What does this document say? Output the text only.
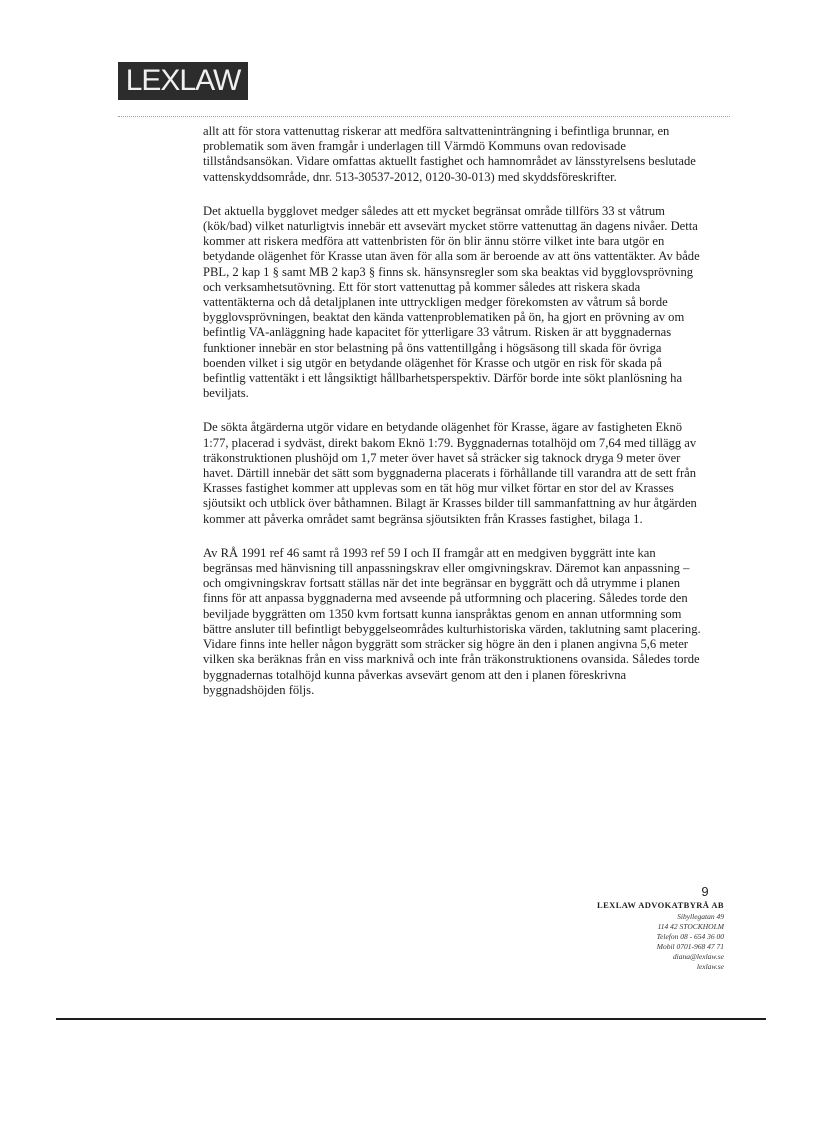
LEXLAW

allt att för stora vattenuttag riskerar att medföra saltvatteninträngning i befintliga brunnar, en problematik som även framgår i underlagen till Värmdö Kommuns ovan redovisade tillståndsansökan. Vidare omfattas aktuellt fastighet och hamnområdet av länsstyrelsens beslutade vattenskyddsområde, dnr. 513-30537-2012, 0120-30-013) med skyddsföreskrifter.

Det aktuella bygglovet medger således att ett mycket begränsat område tillförs 33 st våtrum (kök/bad) vilket naturligtvis innebär ett avsevärt mycket större vattenuttag än dagens nivåer. Detta kommer att riskera medföra att vattenbristen för ön blir ännu större vilket inte bara utgör en betydande olägenhet för Krasse utan även för alla som är beroende av att öns vattentäkter. Av både PBL, 2 kap 1 § samt MB 2 kap3 § finns sk. hänsynsregler som ska beaktas vid bygglovsprövning och verksamhetsutövning. Ett för stort vattenuttag på kommer således att riskera skada vattentäkterna och då detaljplanen inte uttryckligen medger förekomsten av våtrum så borde bygglovsprövningen, beaktat den kända vattenproblematiken på ön, ha gjort en prövning av om befintlig VA-anläggning hade kapacitet för ytterligare 33 våtrum. Risken är att byggnadernas funktioner innebär en stor belastning på öns vattentillgång i högsäsong till skada för övriga boenden vilket i sig utgör en betydande olägenhet för Krasse och utgör en risk för skada på befintlig vattentäkt i ett långsiktigt hållbarhetsperspektiv. Därför borde inte sökt planlösning ha beviljats.

De sökta åtgärderna utgör vidare en betydande olägenhet för Krasse, ägare av fastigheten Eknö 1:77, placerad i sydväst, direkt bakom Eknö 1:79. Byggnadernas totalhöjd om 7,64 med tillägg av träkonstruktionen plushöjd om 1,7 meter över havet så sträcker sig taknock dryga 9 meter över havet. Därtill innebär det sätt som byggnaderna placerats i förhållande till varandra att de sett från Krasses fastighet kommer att upplevas som en tät hög mur vilket förtar en stor del av Krasses sjöutsikt och utblick över båthamnen. Bilagt är Krasses bilder till sammanfattning av hur åtgärden kommer att påverka området samt begränsa sjöutsikten från Krasses fastighet, bilaga 1.

Av RÅ 1991 ref 46 samt rå 1993 ref 59 I och II framgår att en medgiven byggrätt inte kan begränsas med hänvisning till anpassningskrav eller omgivningskrav. Däremot kan anpassning – och omgivningskrav fortsatt ställas när det inte begränsar en byggrätt och då utrymme i planen finns för att anpassa byggnaderna med avseende på utformning och placering. Således torde den beviljade byggrätten om 1350 kvm fortsatt kunna ianspråktas genom en annan utformning som bättre ansluter till befintligt bebyggelseområdes kulturhistoriska värden, taklutning samt placering. Vidare finns inte heller någon byggrätt som sträcker sig högre än den i planen angivna 5,6 meter vilken ska beräknas från en viss marknivå och inte från träkonstruktionens ovansida. Således torde byggnadernas totalhöjd kunna påverkas avsevärt genom att den i planen föreskrivna byggnadshöjden följs.

9
LEXLAW ADVOKATBYRÅ AB
Sibyllegatan 49
114 42 STOCKHOLM
Telefon 08 - 654 36 00
Mobil 0701-968 47 71
diana@lexlaw.se
lexlaw.se
